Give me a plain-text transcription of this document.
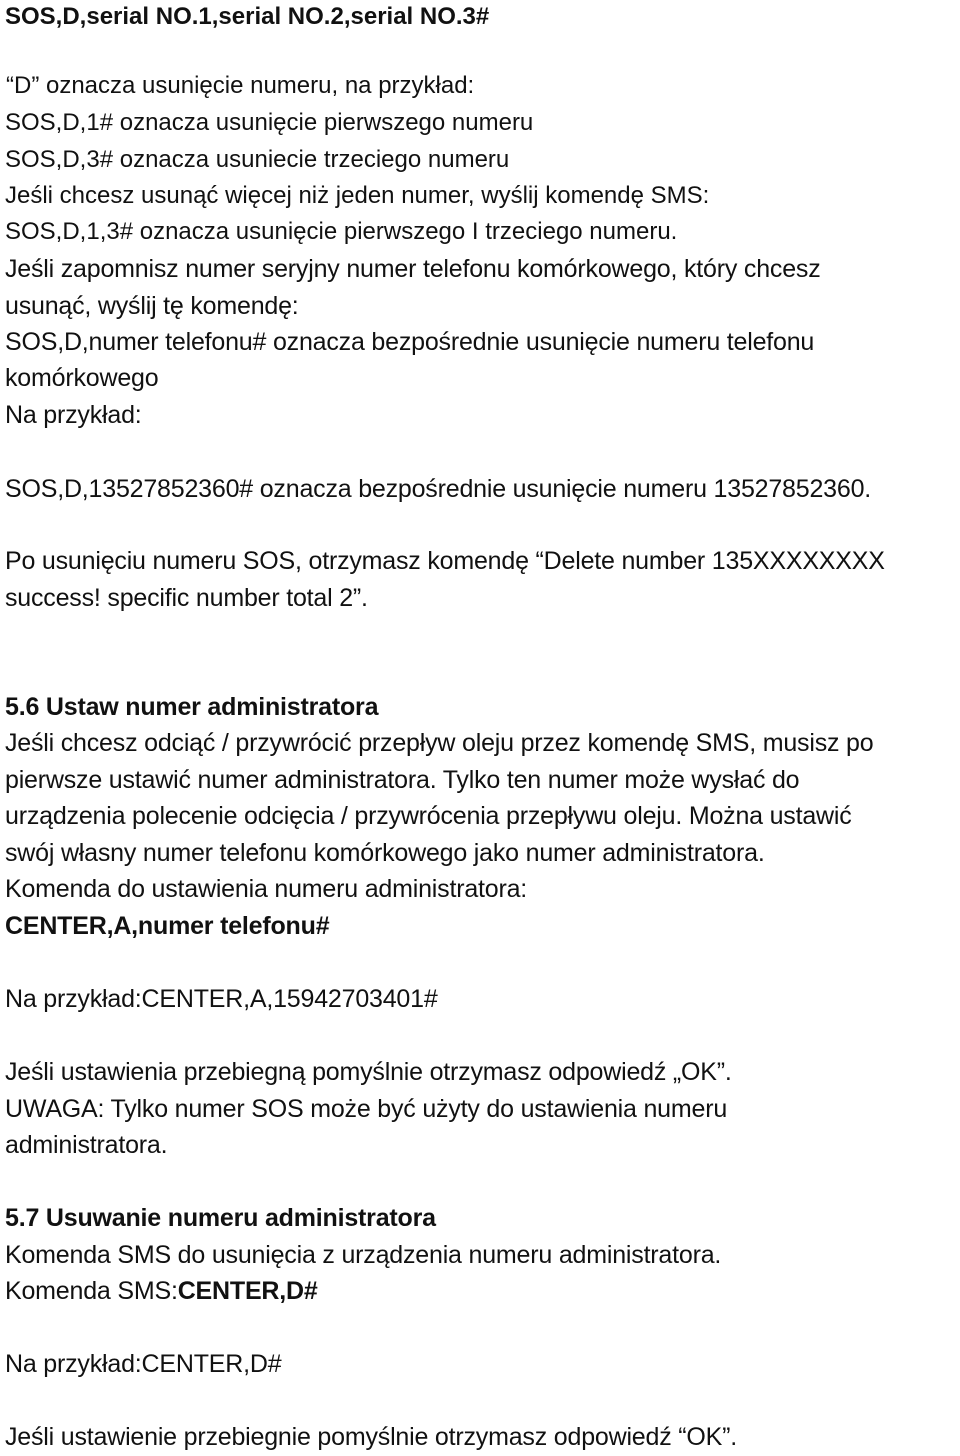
SOS,D,serial NO.1,serial NO.2,serial NO.3#
“D” oznacza usunięcie numeru, na przykład:
SOS,D,1# oznacza usunięcie pierwszego numeru
SOS,D,3# oznacza usuniecie trzeciego numeru
Jeśli chcesz usunąć więcej niż jeden numer, wyślij komendę SMS:
SOS,D,1,3# oznacza usunięcie pierwszego I trzeciego numeru.
Jeśli zapomnisz numer seryjny numer telefonu komórkowego, który chcesz
usunąć, wyślij tę komendę:
SOS,D,numer telefonu# oznacza bezpośrednie usunięcie numeru telefonu
komórkowego
Na przykład:
SOS,D,13527852360# oznacza bezpośrednie usunięcie numeru 13527852360.
Po usunięciu numeru SOS, otrzymasz komendę “Delete number 135XXXXXXXX
success! specific number total 2”.
5.6 Ustaw numer administratora
Jeśli chcesz odciąć / przywrócić przepływ oleju przez komendę SMS, musisz po
pierwsze ustawić numer administratora. Tylko ten numer może wysłać do
urządzenia polecenie odcięcia / przywrócenia przepływu oleju. Można ustawić
swój własny numer telefonu komórkowego jako numer administratora.
Komenda do ustawienia numeru administratora:
CENTER,A,numer telefonu#
Na przykład:CENTER,A,15942703401#
Jeśli ustawienia przebiegną pomyślnie otrzymasz odpowiedź „OK”.
UWAGA: Tylko numer SOS może być użyty do ustawienia numeru
administratora.
5.7 Usuwanie numeru administratora
Komenda SMS do usunięcia z urządzenia numeru administratora.
Komenda SMS:CENTER,D#
Na przykład:CENTER,D#
Jeśli ustawienie przebiegnie pomyślnie otrzymasz odpowiedź “OK”.
